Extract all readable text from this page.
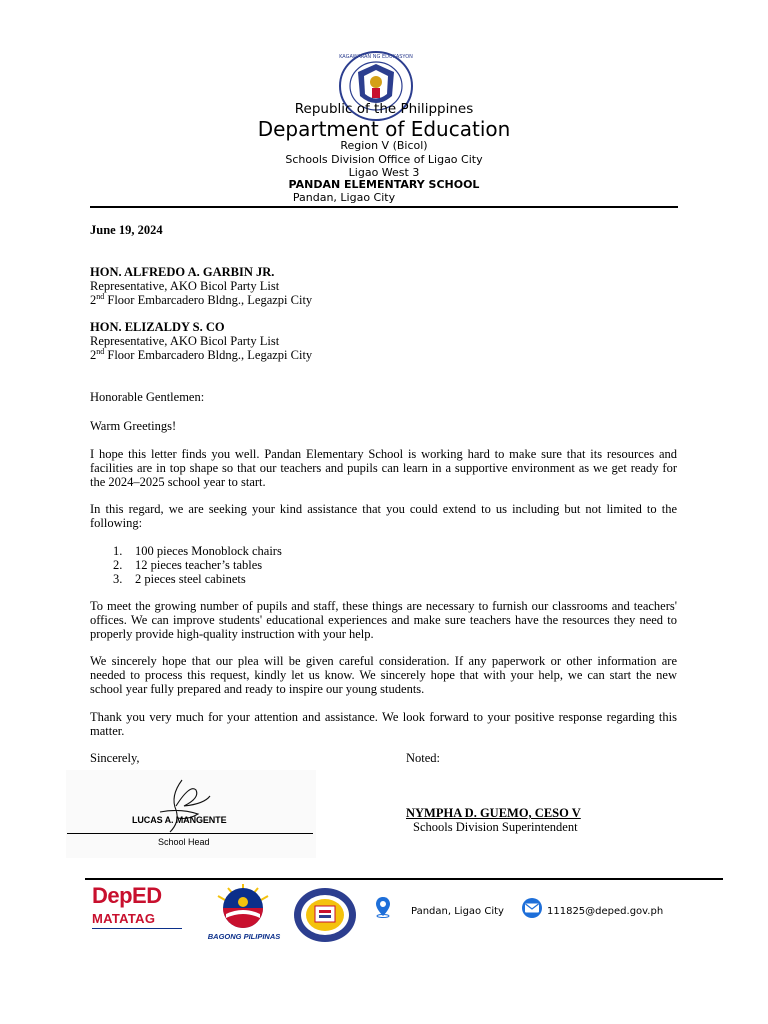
KAGAWARAN NG EDUKASYON
Republic of the Philippines
Department of Education
Region V (Bicol)
Schools Division Office of Ligao City
Ligao West 3
PANDAN ELEMENTARY SCHOOL
Pandan, Ligao City
June 19, 2024
HON. ALFREDO A. GARBIN JR.
Representative, AKO Bicol Party List
2nd Floor Embarcadero Bldng., Legazpi City
HON. ELIZALDY S. CO
Representative, AKO Bicol Party List
2nd Floor Embarcadero Bldng., Legazpi City
Honorable Gentlemen:
Warm Greetings!
I hope this letter finds you well. Pandan Elementary School is working hard to make sure that its resources and facilities are in top shape so that our teachers and pupils can learn in a supportive environment as we get ready for the 2024–2025 school year to start.
In this regard, we are seeking your kind assistance that you could extend to us including but not limited to the following:
1.	100 pieces Monoblock chairs
2.	12 pieces teacher’s tables
3.	2 pieces steel cabinets
To meet the growing number of pupils and staff, these things are necessary to furnish our classrooms and teachers' offices. We can improve students' educational experiences and make sure teachers have the resources they need to properly provide high-quality instruction with your help.
We sincerely hope that our plea will be given careful consideration. If any paperwork or other information are needed to process this request, kindly let us know. We sincerely hope that with your help, we can start the new school year fully prepared and ready to inspire our young students.
Thank you very much for your attention and assistance. We look forward to your positive response regarding this matter.
Sincerely,	Noted:
LUCAS A. MANGENTE
School Head
NYMPHA D. GUEMO, CESO V
Schools Division Superintendent
DepED
MATATAG
BAGONG PILIPINAS
Pandan, Ligao City	111825@deped.gov.ph
